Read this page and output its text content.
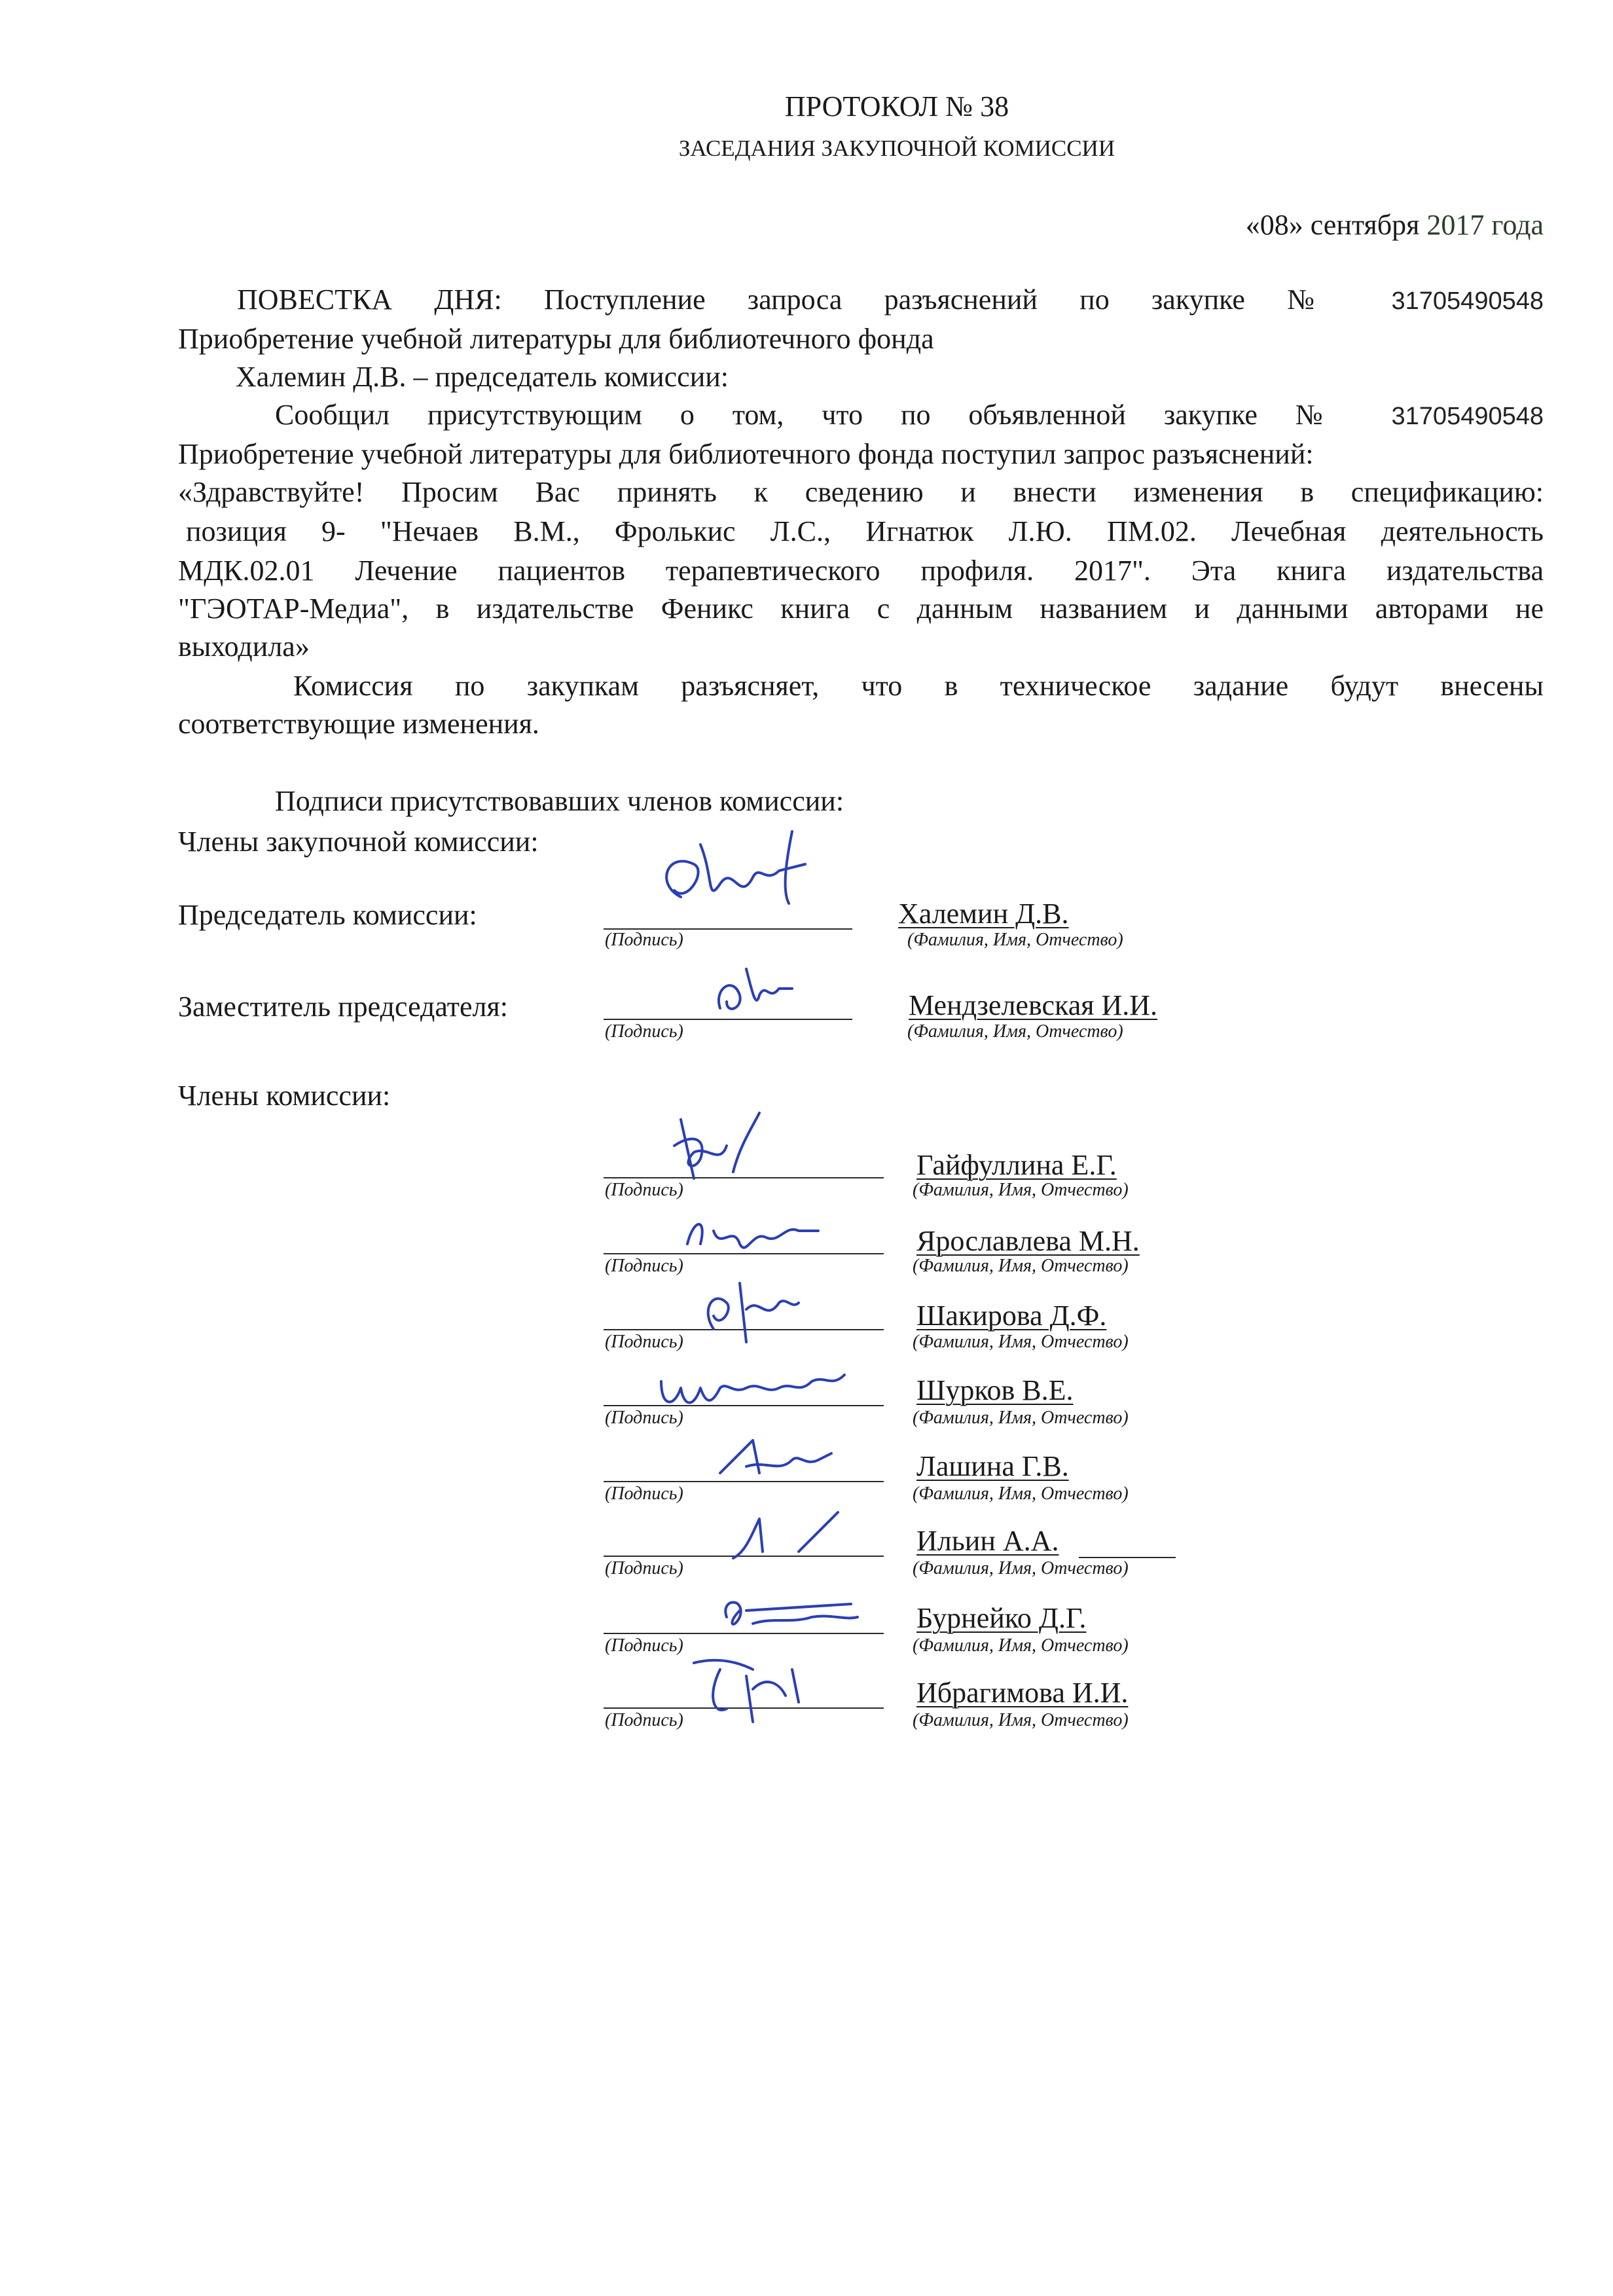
ПРОТОКОЛ № 38
ЗАСЕДАНИЯ ЗАКУПОЧНОЙ КОМИССИИ
«08» сентября 2017 года
ПОВЕСТКА ДНЯ: Поступление запроса разъяснений по закупке № 31705490548
Приобретение учебной литературы для библиотечного фонда
Халемин Д.В. – председатель комиссии:
Сообщил присутствующим о том, что по объявленной закупке № 31705490548
Приобретение учебной литературы для библиотечного фонда поступил запрос разъяснений:
«Здравствуйте! Просим Вас принять к сведению и внести изменения в спецификацию:
позиция 9- "Нечаев В.М., Фролькис Л.С., Игнатюк Л.Ю. ПМ.02. Лечебная деятельность
МДК.02.01 Лечение пациентов терапевтического профиля. 2017". Эта книга издательства
"ГЭОТАР-Медиа", в издательстве Феникс книга с данным названием и данными авторами не
выходила»
Комиссия по закупкам разъясняет, что в техническое задание будут внесены
соответствующие изменения.
Подписи присутствовавших членов комиссии:
Члены закупочной комиссии:
Председатель комиссии:
(Подпись)
Халемин Д.В.
(Фамилия, Имя, Отчество)
Заместитель председателя:
(Подпись)
Мендзелевская И.И.
(Фамилия, Имя, Отчество)
Члены комиссии:
(Подпись)
Гайфуллина Е.Г.
(Фамилия, Имя, Отчество)
(Подпись)
Ярославлева М.Н.
(Фамилия, Имя, Отчество)
(Подпись)
Шакирова Д.Ф.
(Фамилия, Имя, Отчество)
(Подпись)
Шурков В.Е.
(Фамилия, Имя, Отчество)
(Подпись)
Лашина Г.В.
(Фамилия, Имя, Отчество)
(Подпись)
Ильин А.А.
(Фамилия, Имя, Отчество)
(Подпись)
Бурнейко Д.Г.
(Фамилия, Имя, Отчество)
(Подпись)
Ибрагимова И.И.
(Фамилия, Имя, Отчество)
